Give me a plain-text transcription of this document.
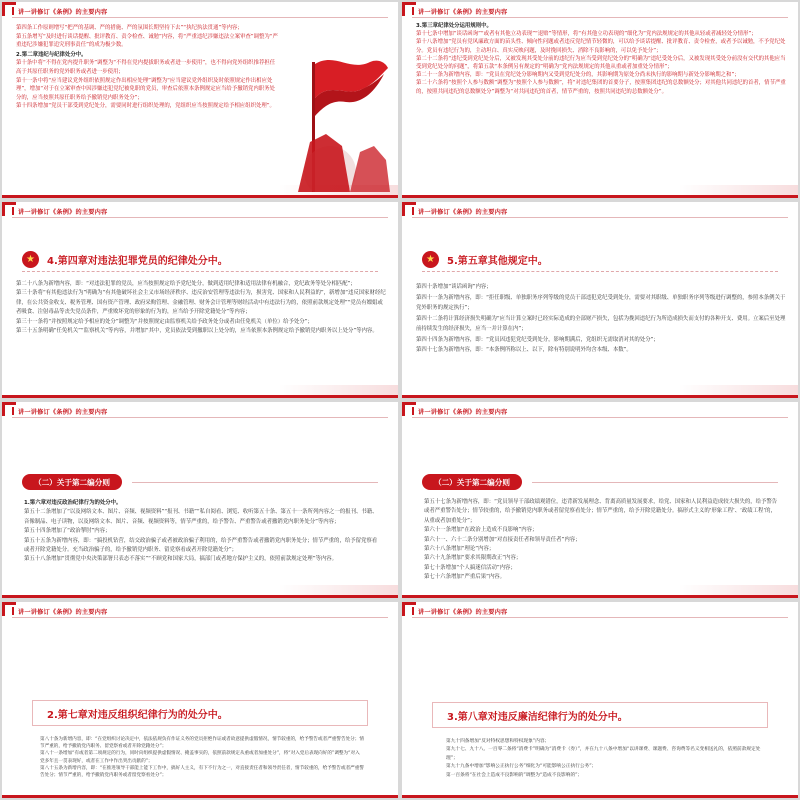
讲一讲修订《条例》的主要内容

第四条工作原则增写“把严的基调、严的措施、严的氛围长期坚持下去”“执纪执法贯通”等内容；

第五条增写“及时进行谈话提醒、批评教育、责令检查、诫勉”内容，将“严重违纪涉嫌违法立案审查”调整为“严重违纪涉嫌犯罪追究刑事责任”的成为极少数。

2.第二章违纪与纪律处分中。

第十条中将“不得在党内提升职务”调整为“不得在党内提拔职务或者进一步使用”，也不得向党外组织推荐担任高于其原任职务的党外职务或者进一步使用；

第十一条中将“应当建议党外组织依照规定作出相应处理”调整为“应当建议党外组织及时依照规定作出相应处理”，增加“对于在立案审查中因涉嫌违犯党纪被免职的党员，审查后依照本条例规定应当给予撤销党内职务处分的，应当按照其原任职务给予撤销党内职务处分”；

第十四条增加“党员干部受到党纪处分，需要同时进行组织处理的，党组织应当按照规定给予相应组织处理”。

讲一讲修订《条例》的主要内容

3.第三章纪律处分运用规则中。

第十七条中增加“谈话函询”“或者有其他立功表现”“退赔”等情形，将“有其他立功表现的”细化为“党内法规规定的其他从轻或者减轻处分情形”；

第十八条增加“党员有党风廉政方面的苗头性、倾向性问题或者违反党纪情节轻微的，可以给予谈话提醒、批评教育、责令检查，或者予以诫勉，不予党纪处分。党员有违纪行为的，主动坦白、真实反映问题，及时挽回损失、消除不良影响的，可以免予处分”；

第二十二条将“违纪受到党纪处分后，又被发现其受处分前的违纪行为应当受到党纪处分的”明确为“违纪受处分后，又被发现其受处分前没有交代的其他应当受到党纪处分的问题”，将第五款“本条例另有规定的”明确为“党内法规规定的其他从重或者加重处分情形”；

第二十一条为新增内容，即：“党员在党纪处分影响期内又受到党纪处分的，其影响期为原处分尚未执行的影响期与新处分影响期之和”；

第二十六条将“按照个人参与数额”调整为“按照个人参与数额”，将“对违纪集团的首要分子，按照集团违纪的总数额处分；对其他共同违纪的首者，情节严重的，按照共同违纪的总数额处分”调整为“对共同违纪的首者，情节严重的，按照共同违纪的总数额处分”。

讲一讲修订《条例》的主要内容
★	4.第四章对违法犯罪党员的纪律处分中。

第二十八条为新增内容，即：“对违法犯罪的党员，应当按照规定给予党纪处分，做到适用纪律和适用法律有机融合，党纪政务等处分相匹配”；

第三十条将“有其他违法行为”明确为“有其他破坏社会主义市场经济秩序、违反治安管理等违法行为，损害党、国家和人民利益的”，新增加“违反国家财经纪律，在公共资金收支、税务管理、国有资产管理、政府采购管理、金融管理、财务会计管理等财经活动中有违法行为的，依照前款规定处理”“党员有嫖娼或者吸食、注射毒品等丧失党员条件，严重败坏党的形象的行为的，应当给予开除党籍处分”等内容；

第三十一条将“并按照规定给予相应的处分”调整为“并按照规定由监察机关给予政务处分或者由任免机关（单位）给予处分”；

第三十五条明确“任免机关”“监察机关”等内容，并增加“其中，党员依法受到撤职以上处分的，应当依照本条例规定给予撤销党内职务以上处分”等内容。

讲一讲修订《条例》的主要内容
★	5.第五章其他规定中。

第四十条增加“谈话函询”内容；

第四十一条为新增内容，即：“拒任职级、单独职务序列等级的党员干部违犯党纪受到处分，需要对其职级、单独职务序列等级进行调整的，参照本条例关于党外职务的规定执行”；

第四十二条将计算经济损失明确为“应当计算立案时已经实际造成的全部财产损失，包括为挽回违纪行为所造成损失而支付的各种开支、费用。立案后至处理前持续发生的经济损失，应当一并计算在内”；

第四十四条为新增内容，即：“党员因违犯党纪受到处分，影响期满后，党组织无需取消对其的处分”；

第四十七条为新增内容，即：“本条例所称以上、以下，除有特别说明外均含本级、本数”。

讲一讲修订《条例》的主要内容
（二）关于第二编分则

1.第六章对违反政治纪律行为的处分中。

第五十二条增加了“以及网络文本、图片、音频、视频资料”“报刊、书籍”“私自阅看、浏览、收听第五十条、第五十一条所列内容之一的报刊、书籍、音像制品、电子读物，以及网络文本、图片、音频、视频资料等，情节严重的，给予警告、严重警告或者撤销党内职务处分”等内容；

第五十四条增加了“政治掣肘”内容；

第五十五条为新增内容，即：“搞投机钻营，结交政治骗子或者被政治骗子利用的，给予严重警告或者撤销党内职务处分；情节严重的，给予留党察看或者开除党籍处分。充当政治骗子的，给予撤销党内职务、留党察看或者开除党籍处分”；

第五十八条增加“贯彻党中央决策部署只表态不落实”“不顾党和国家大局，搞部门或者地方保护主义的，依照前款规定处理”等内容。

讲一讲修订《条例》的主要内容
（二）关于第二编分则

第五十七条为新增内容，即：“党员领导干部政绩观错位，违背新发展理念、背离高质量发展要求，给党、国家和人民利益造成较大损失的，给予警告或者严重警告处分；情节较重的，给予撤销党内职务或者留党察看处分；情节严重的，给予开除党籍处分。搞形式主义的‘形象工程’、‘政绩工程’的，从重或者加重处分”；

第六十一条增加“在政治上造成不良影响”内容；

第六十一、六十二条分别增加“对直接责任者和领导责任者”内容；

第六十八条增加“理论”内容；

第六十九条增加“要求其限期改正”内容；

第七十条增加“个人搞迷信活动”内容；

第七十六条增加“严重后果”内容。

讲一讲修订《条例》的主要内容
2.第七章对违反组织纪律行为的处分中。

第八十条为新增内容，即：“在党组织讨论决定中，依法依规负有作证义务的党员拒绝作证或者故意提供虚假情况，情节较重的，给予警告或者严重警告处分；情节严重的，给予撤销党内职务、留党察看或者开除党籍处分”；

第八十一条增加“有或者第二项规定的行为，同时向组织提供虚假情况、掩盖事实的，依照前款规定从重或者加重处分”，将“对入党后表现向好的”调整为“对入党多年且一贯表现好，或者在工作中作出突出贡献的”；

第八十五条为新增内容，即：“在推进领导干部能上能下工作中，搞好人主义，有下不行为之一，对直接责任者和领导责任者，情节较重的，给予警告或者严重警告处分；情节严重的，给予撤销党内职务或者留党察看处分”；

讲一讲修订《条例》的主要内容
3.第八章对违反廉洁纪律行为的处分中。

第九十四条增加“反对特权思想和特权现象”内容；

第九十七、九十八、一百零二条将“消费卡”明确为“消费卡（券）”，并在九十八条中增加“以讲课费、课题费、咨询费等名义变相送礼的，依照前款规定处理”；

第九十九条中增加“影响公正执行公务”细化为“可能影响公正执行公务”；

第一百条将“在社会上造成不良影响的”调整为“造成不良影响的”；
